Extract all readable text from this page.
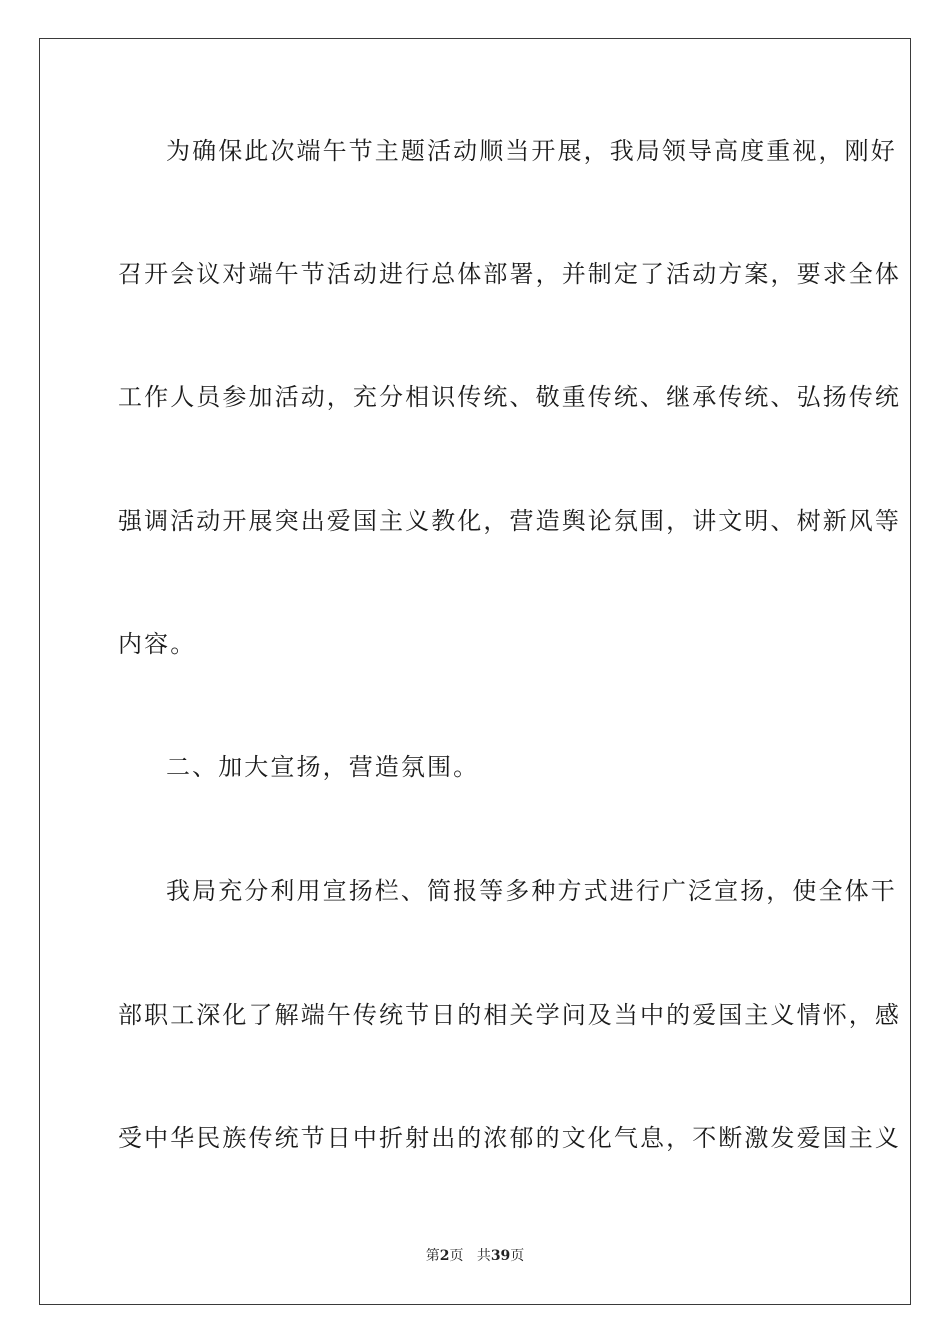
为确保此次端午节主题活动顺当开展，我局领导高度重视，刚好
召开会议对端午节活动进行总体部署，并制定了活动方案，要求全体
工作人员参加活动，充分相识传统、敬重传统、继承传统、弘扬传统
强调活动开展突出爱国主义教化，营造舆论氛围，讲文明、树新风等
内容。
二、加大宣扬，营造氛围。
我局充分利用宣扬栏、简报等多种方式进行广泛宣扬，使全体干
部职工深化了解端午传统节日的相关学问及当中的爱国主义情怀，感
受中华民族传统节日中折射出的浓郁的文化气息，不断激发爱国主义
第2页 共39页
